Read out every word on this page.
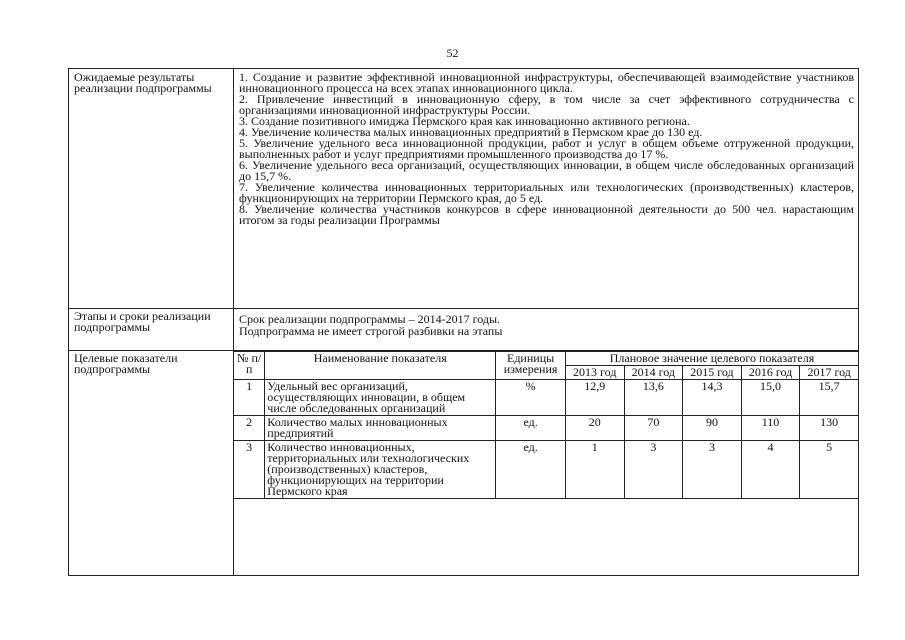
52
Ожидаемые результаты реализации подпрограммы

1. Создание и развитие эффективной инновационной инфраструктуры, обеспечивающей взаимодействие участников инновационного процесса на всех этапах инновационного цикла.

2. Привлечение инвестиций в инновационную сферу, в том числе за счет эффективного сотрудничества с организациями инновационной инфраструктуры России.

3. Создание позитивного имиджа Пермского края как инновационно активного региона.

4. Увеличение количества малых инновационных предприятий в Пермском крае до 130 ед.

5. Увеличение удельного веса инновационной продукции, работ и услуг в общем объеме отгруженной продукции, выполненных работ и услуг предприятиями промышленного производства до 17 %.

6. Увеличение удельного веса организаций, осуществляющих инновации, в общем числе обследованных организаций до 15,7 %.

7. Увеличение количества инновационных территориальных или технологических (производственных) кластеров, функционирующих на территории Пермского края, до 5 ед.

8. Увеличение количества участников конкурсов в сфере инновационной деятельности до 500 чел. нарастающим итогом за годы реализации Программы

Этапы и сроки реализации подпрограммы
Срок реализации подпрограммы – 2014-2017 годы.
Подпрограмма не имеет строгой разбивки на этапы
Целевые показатели подпрограммы
№ п/п	Наименование показателя	Единицы измерения	Плановое значение целевого показателя				
			2013 год	2014 год	2015 год	2016 год	2017 год
1	Удельный вес организаций, осуществляющих инновации, в общем числе обследованных организаций	%	12,9	13,6	14,3	15,0	15,7
2	Количество малых инновационных предприятий	ед.	20	70	90	110	130
3	Количество инновационных, территориальных или технологических (производственных) кластеров, функционирующих на территории Пермского края	ед.	1	3	3	4	5
